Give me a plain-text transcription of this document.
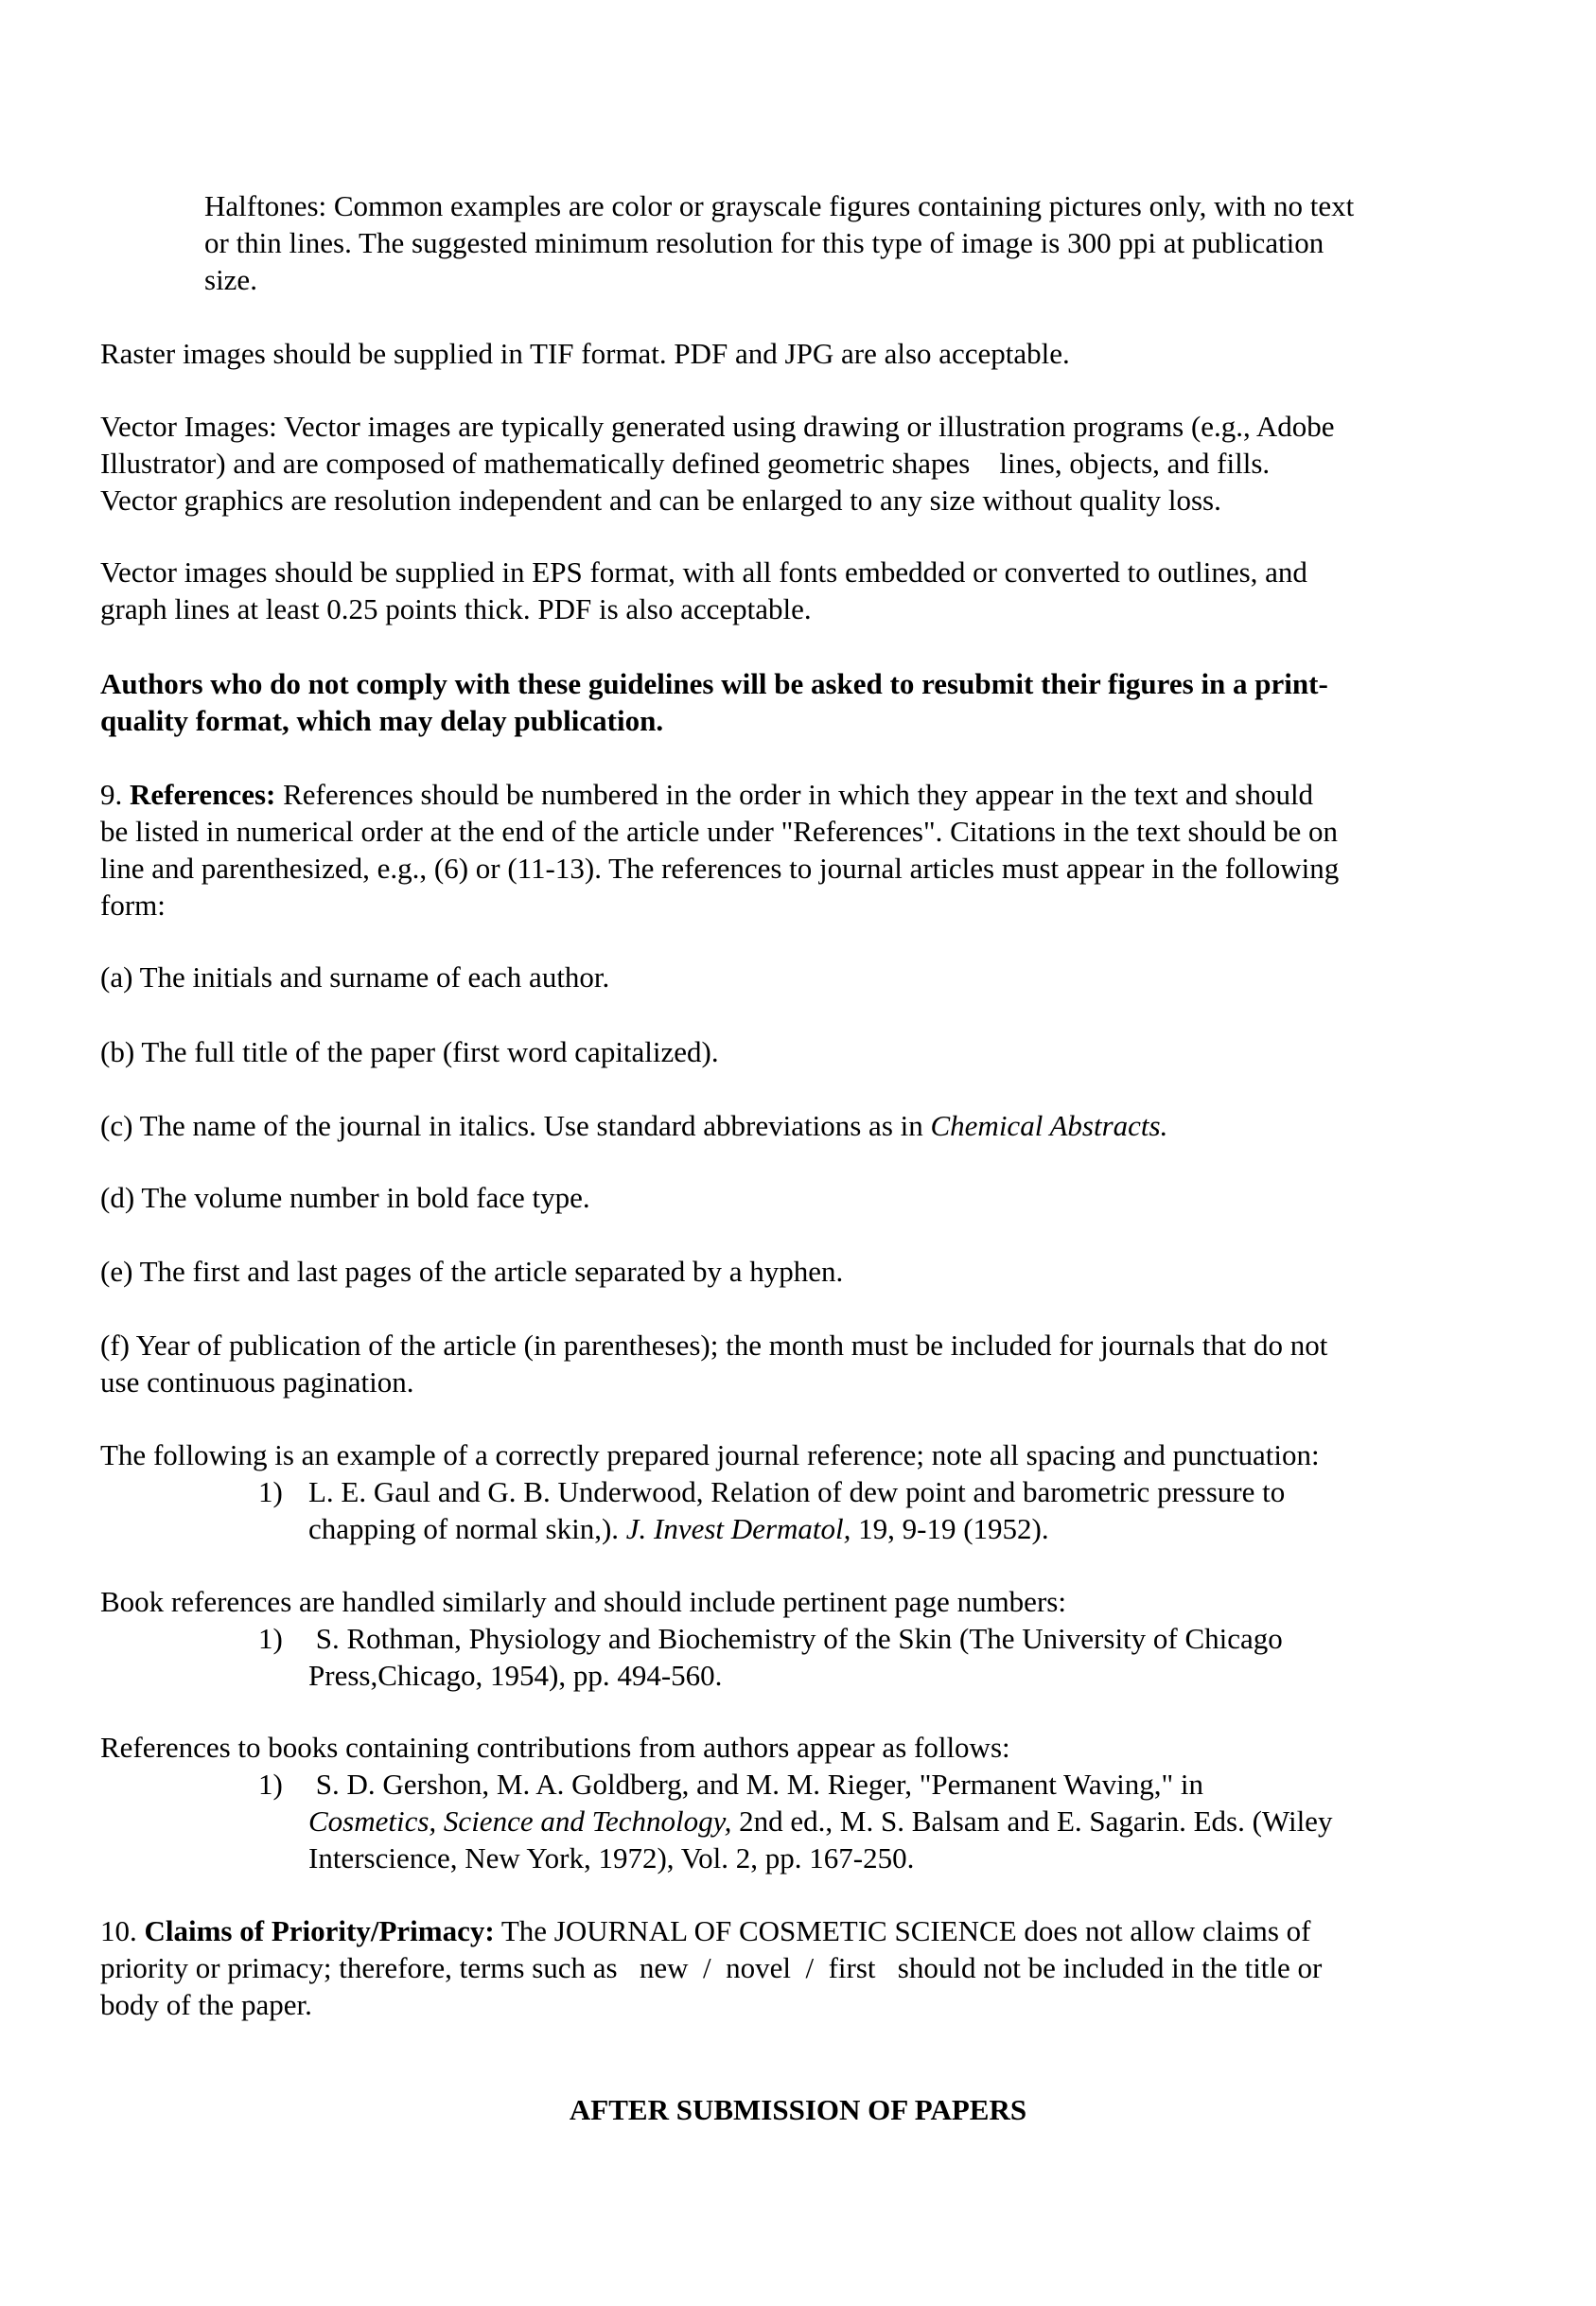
Halftones: Common examples are color or grayscale figures containing pictures only, with no text
or thin lines. The suggested minimum resolution for this type of image is 300 ppi at publication
size.
Raster images should be supplied in TIF format. PDF and JPG are also acceptable.
Vector Images: Vector images are typically generated using drawing or illustration programs (e.g., Adobe
Illustrator) and are composed of mathematically defined geometric shapes    lines, objects, and fills.
Vector graphics are resolution independent and can be enlarged to any size without quality loss.
Vector images should be supplied in EPS format, with all fonts embedded or converted to outlines, and
graph lines at least 0.25 points thick. PDF is also acceptable.
Authors who do not comply with these guidelines will be asked to resubmit their figures in a print-
quality format, which may delay publication.
9. References: References should be numbered in the order in which they appear in the text and should
be listed in numerical order at the end of the article under "References". Citations in the text should be on
line and parenthesized, e.g., (6) or (11-13). The references to journal articles must appear in the following
form:
(a) The initials and surname of each author.
(b) The full title of the paper (first word capitalized).
(c) The name of the journal in italics. Use standard abbreviations as in Chemical Abstracts.
(d) The volume number in bold face type.
(e) The first and last pages of the article separated by a hyphen.
(f) Year of publication of the article (in parentheses); the month must be included for journals that do not
use continuous pagination.
The following is an example of a correctly prepared journal reference; note all spacing and punctuation:
1) L. E. Gaul and G. B. Underwood, Relation of dew point and barometric pressure to
chapping of normal skin,). J. Invest Dermatol, 19, 9-19 (1952).
Book references are handled similarly and should include pertinent page numbers:
1) S. Rothman, Physiology and Biochemistry of the Skin (The University of Chicago
Press,Chicago, 1954), pp. 494-560.
References to books containing contributions from authors appear as follows:
1) S. D. Gershon, M. A. Goldberg, and M. M. Rieger, "Permanent Waving," in
Cosmetics, Science and Technology, 2nd ed., M. S. Balsam and E. Sagarin. Eds. (Wiley
Interscience, New York, 1972), Vol. 2, pp. 167-250.
10. Claims of Priority/Primacy: The JOURNAL OF COSMETIC SCIENCE does not allow claims of
priority or primacy; therefore, terms such as   new  /  novel  /  first   should not be included in the title or
body of the paper.
AFTER SUBMISSION OF PAPERS
